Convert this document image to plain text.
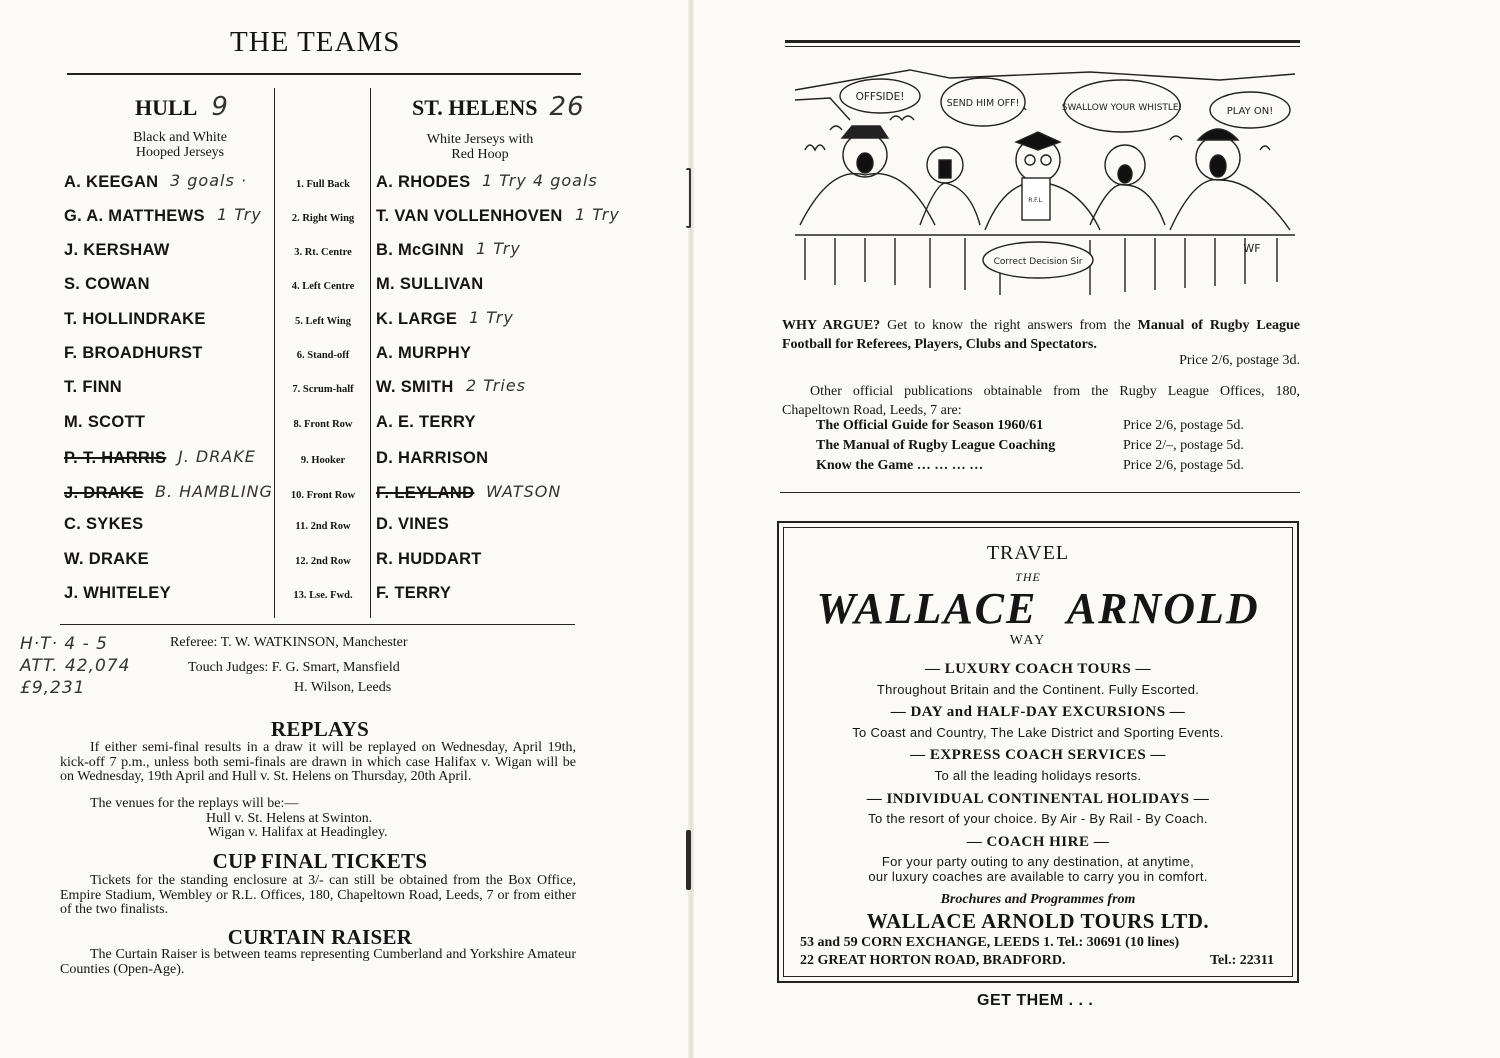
THE TEAMS
HULL 9
Black and White
Hooped Jerseys
ST. HELENS 26
White Jerseys with
Red Hoop
A. KEEGAN 3 goals ·	1. Full Back	A. RHODES 1 Try 4 goals
G. A. MATTHEWS 1 Try	2. Right Wing	T. VAN VOLLENHOVEN 1 Try
J. KERSHAW	3. Rt. Centre	B. McGINN 1 Try
S. COWAN	4. Left Centre	M. SULLIVAN
T. HOLLINDRAKE	5. Left Wing	K. LARGE 1 Try
F. BROADHURST	6. Stand-off	A. MURPHY
T. FINN	7. Scrum-half	W. SMITH 2 Tries
M. SCOTT	8. Front Row	A. E. TERRY
P. T. HARRIS J. DRAKE	9. Hooker	D. HARRISON
J. DRAKE B. HAMBLING	10. Front Row	F. LEYLAND WATSON
C. SYKES	11. 2nd Row	D. VINES
W. DRAKE	12. 2nd Row	R. HUDDART
J. WHITELEY	13. Lse. Fwd.	F. TERRY
H·T· 4 - 5
ATT. 42,074
£9,231
Referee: T. W. WATKINSON, Manchester
Touch Judges: F. G. Smart, Mansfield
H. Wilson, Leeds
REPLAYS
If either semi-final results in a draw it will be replayed on Wednesday, April 19th, kick-off 7 p.m., unless both semi-finals are drawn in which case Halifax v. Wigan will be on Wednesday, 19th April and Hull v. St. Helens on Thursday, 20th April.
The venues for the replays will be:—
Hull v. St. Helens at Swinton.
Wigan v. Halifax at Headingley.
CUP FINAL TICKETS
Tickets for the standing enclosure at 3/- can still be obtained from the Box Office, Empire Stadium, Wembley or R.L. Offices, 180, Chapeltown Road, Leeds, 7 or from either of the two finalists.
CURTAIN RAISER
The Curtain Raiser is between teams representing Cumberland and Yorkshire Amateur Counties (Open-Age).
OFFSIDE!
SEND HIM OFF!	SWALLOW YOUR WHISTLE!	PLAY ON!
R.F.L.
Correct Decision Sir
WF
WHY ARGUE? Get to know the right answers from the Manual of Rugby League Football for Referees, Players, Clubs and Spectators.
Price 2/6, postage 3d.
Other official publications obtainable from the Rugby League Offices, 180, Chapeltown Road, Leeds, 7 are:
The Official Guide for Season 1960/61	Price 2/6, postage 5d.
The Manual of Rugby League Coaching	Price 2/–, postage 5d.
Know the Game … … … …	Price 2/6, postage 5d.
TRAVEL
THE
WALLACE ARNOLD
WAY
— LUXURY COACH TOURS —
Throughout Britain and the Continent. Fully Escorted.
— DAY and HALF-DAY EXCURSIONS —
To Coast and Country, The Lake District and Sporting Events.
— EXPRESS COACH SERVICES —
To all the leading holidays resorts.
— INDIVIDUAL CONTINENTAL HOLIDAYS —
To the resort of your choice. By Air - By Rail - By Coach.
— COACH HIRE —
For your party outing to any destination, at anytime,
our luxury coaches are available to carry you in comfort.
Brochures and Programmes from
WALLACE ARNOLD TOURS LTD.
53 and 59 CORN EXCHANGE, LEEDS 1. Tel.: 30691 (10 lines)
22 GREAT HORTON ROAD, BRADFORD.	Tel.: 22311
GET THEM . . .
